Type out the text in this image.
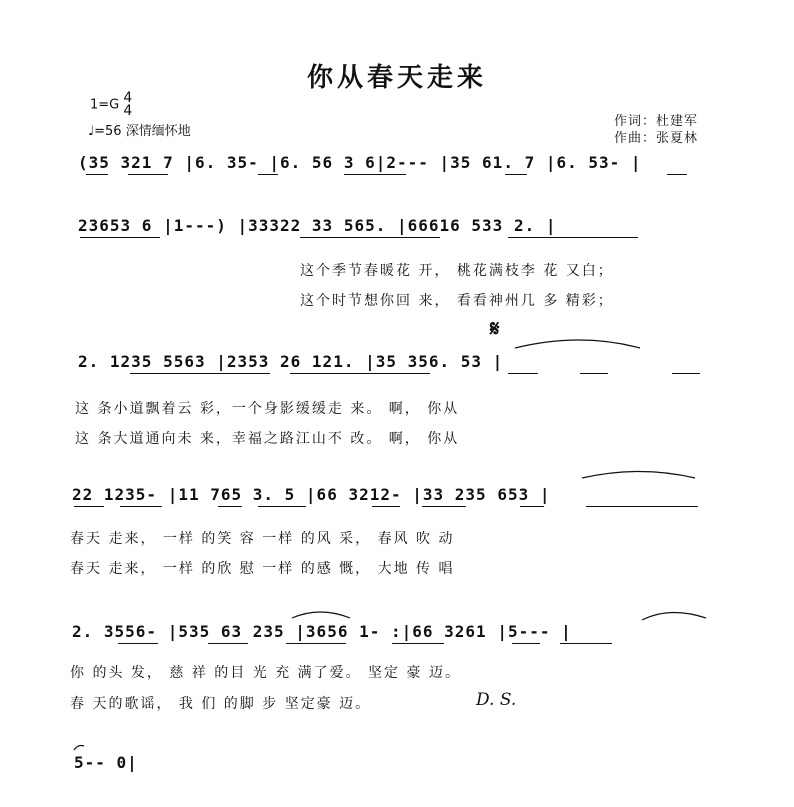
你从春天走来
1=G 4
4
♩=56 深情缅怀地
作词：杜建军
作曲：张夏林
(35 321 7 |6. 35- |6. 56 3 6|2--- |35 61. 7 |6. 53- |
23653 6 |1---) |33322 33 565. |66616 533 2. |
这个季节春暖花 开， 桃花满枝李 花 又白；
这个时节想你回 来， 看看神州几 多 精彩；
𝄋
2. 1235 5563 |2353 26 121. |35 356. 53 |
这 条小道飘着云 彩，一个身影缓缓走 来。 啊， 你从
这 条大道通向未 来，幸福之路江山不 改。 啊， 你从
22 1235- |11 765 3. 5 |66 3212- |33 235 653 |
春天 走来， 一样 的笑 容 一样 的风 采， 春风 吹 动
春天 走来， 一样 的欣 慰 一样 的感 慨， 大地 传 唱
2. 3556- |535 63 235 |3656 1- :|66 3261 |5--- |
你 的头 发， 慈 祥 的目 光 充 满了爱。 坚定 豪 迈。
春 天的歌谣， 我 们 的脚 步 坚定豪 迈。	D. S.
5-- 0|
